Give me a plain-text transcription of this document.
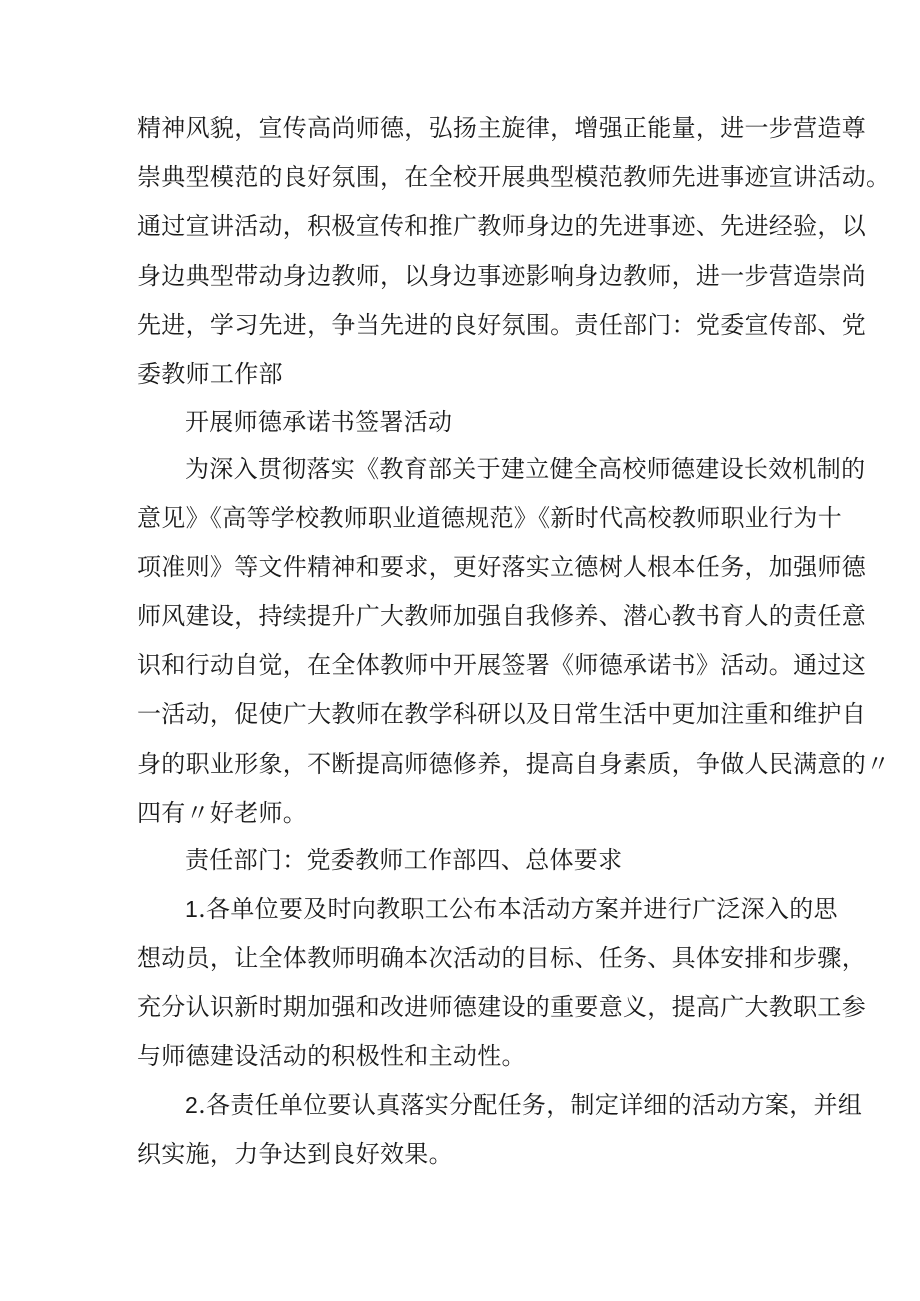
精神风貌，宣传高尚师德，弘扬主旋律，增强正能量，进一步营造尊
崇典型模范的良好氛围，在全校开展典型模范教师先进事迹宣讲活动。
通过宣讲活动，积极宣传和推广教师身边的先进事迹、先进经验，以
身边典型带动身边教师，以身边事迹影响身边教师，进一步营造崇尚
先进，学习先进，争当先进的良好氛围。责任部门：党委宣传部、党
委教师工作部
开展师德承诺书签署活动
为深入贯彻落实《教育部关于建立健全高校师德建设长效机制的
意见》《高等学校教师职业道德规范》《新时代高校教师职业行为十
项准则》等文件精神和要求，更好落实立德树人根本任务，加强师德
师风建设，持续提升广大教师加强自我修养、潜心教书育人的责任意
识和行动自觉，在全体教师中开展签署《师德承诺书》活动。通过这
一活动，促使广大教师在教学科研以及日常生活中更加注重和维护自
身的职业形象，不断提高师德修养，提高自身素质，争做人民满意的〃
四有〃好老师。
责任部门：党委教师工作部四、总体要求
1.各单位要及时向教职工公布本活动方案并进行广泛深入的思
想动员，让全体教师明确本次活动的目标、任务、具体安排和步骤，
充分认识新时期加强和改进师德建设的重要意义，提高广大教职工参
与师德建设活动的积极性和主动性。
2.各责任单位要认真落实分配任务，制定详细的活动方案，并组
织实施，力争达到良好效果。
